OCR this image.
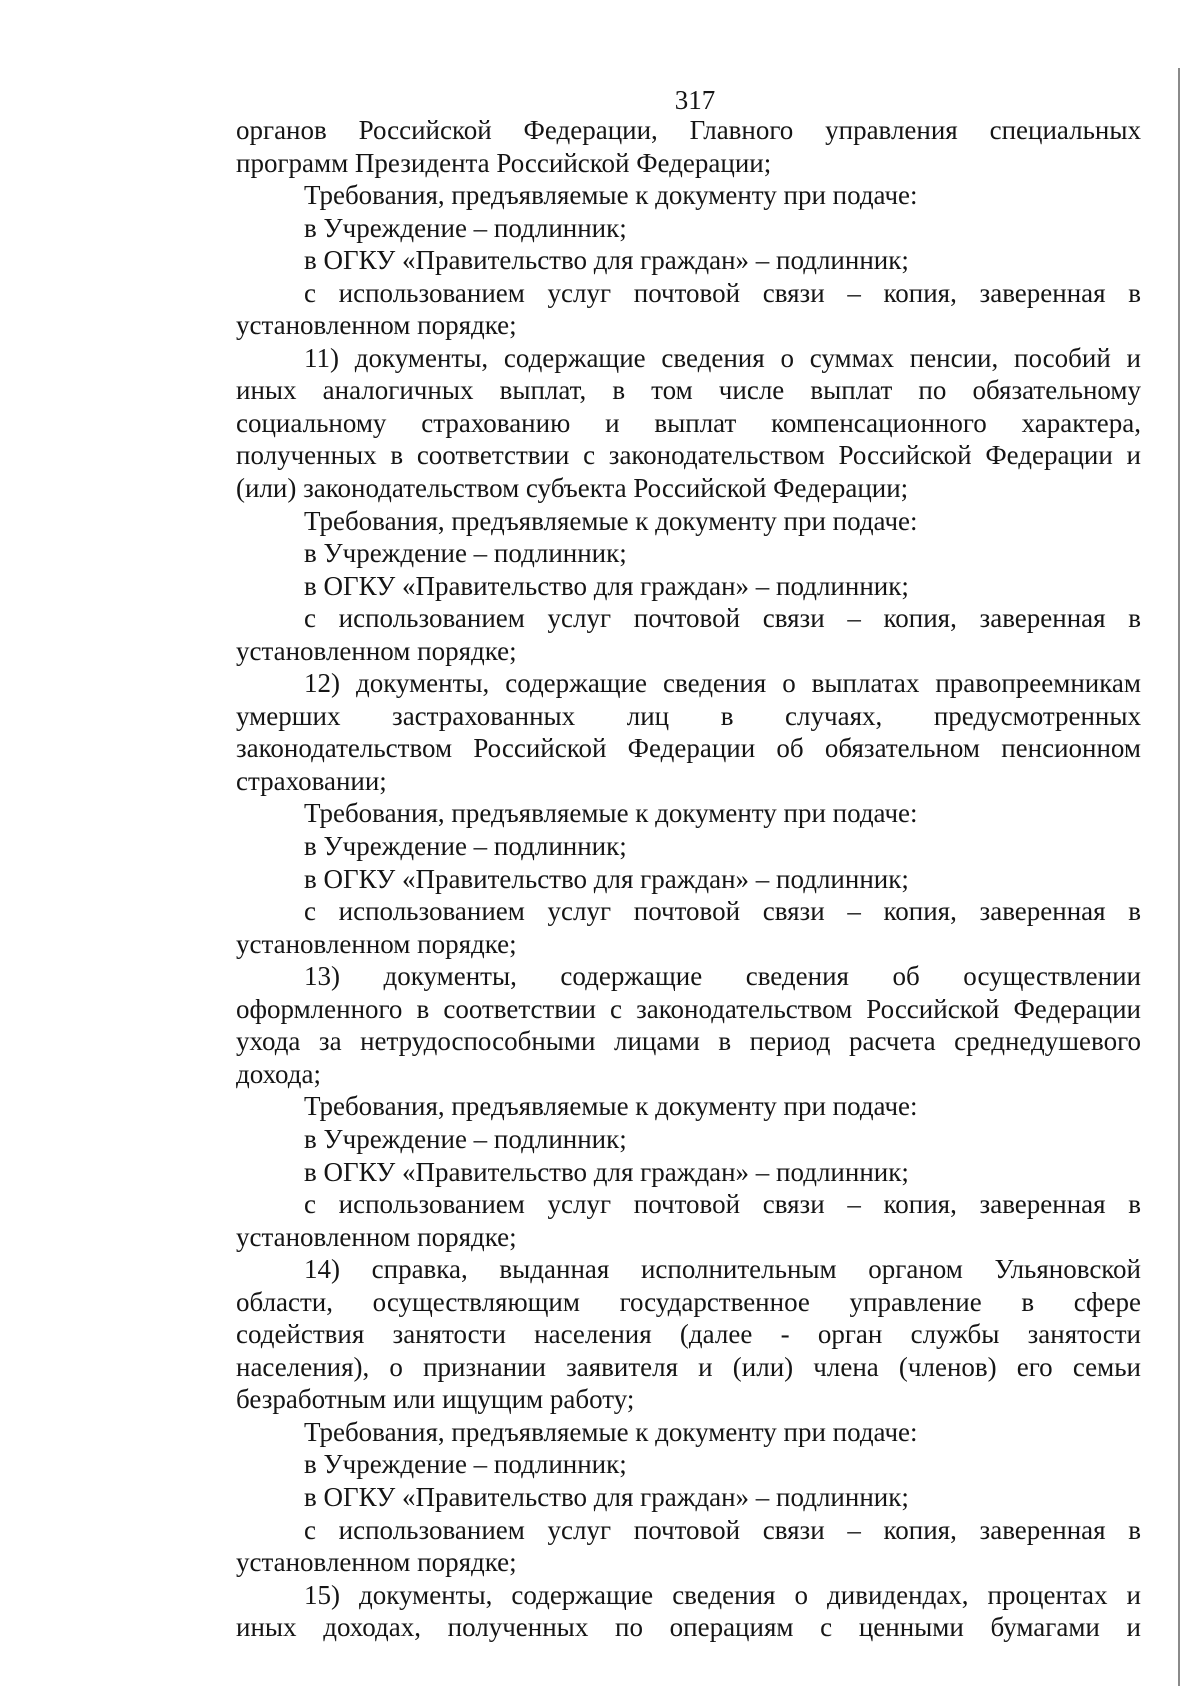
317
органов Российской Федерации, Главного управления специальных
программ Президента Российской Федерации;
Требования, предъявляемые к документу при подаче:
в Учреждение – подлинник;
в ОГКУ «Правительство для граждан» – подлинник;
с использованием услуг почтовой связи – копия, заверенная в
установленном порядке;
11) документы, содержащие сведения о суммах пенсии, пособий и
иных аналогичных выплат, в том числе выплат по обязательному
социальному страхованию и выплат компенсационного характера,
полученных в соответствии с законодательством Российской Федерации и
(или) законодательством субъекта Российской Федерации;
Требования, предъявляемые к документу при подаче:
в Учреждение – подлинник;
в ОГКУ «Правительство для граждан» – подлинник;
с использованием услуг почтовой связи – копия, заверенная в
установленном порядке;
12) документы, содержащие сведения о выплатах правопреемникам
умерших застрахованных лиц в случаях, предусмотренных
законодательством Российской Федерации об обязательном пенсионном
страховании;
Требования, предъявляемые к документу при подаче:
в Учреждение – подлинник;
в ОГКУ «Правительство для граждан» – подлинник;
с использованием услуг почтовой связи – копия, заверенная в
установленном порядке;
13) документы, содержащие сведения об осуществлении
оформленного в соответствии с законодательством Российской Федерации
ухода за нетрудоспособными лицами в период расчета среднедушевого
дохода;
Требования, предъявляемые к документу при подаче:
в Учреждение – подлинник;
в ОГКУ «Правительство для граждан» – подлинник;
с использованием услуг почтовой связи – копия, заверенная в
установленном порядке;
14) справка, выданная исполнительным органом Ульяновской
области, осуществляющим государственное управление в сфере
содействия занятости населения (далее - орган службы занятости
населения), о признании заявителя и (или) члена (членов) его семьи
безработным или ищущим работу;
Требования, предъявляемые к документу при подаче:
в Учреждение – подлинник;
в ОГКУ «Правительство для граждан» – подлинник;
с использованием услуг почтовой связи – копия, заверенная в
установленном порядке;
15) документы, содержащие сведения о дивидендах, процентах и
иных доходах, полученных по операциям с ценными бумагами и
